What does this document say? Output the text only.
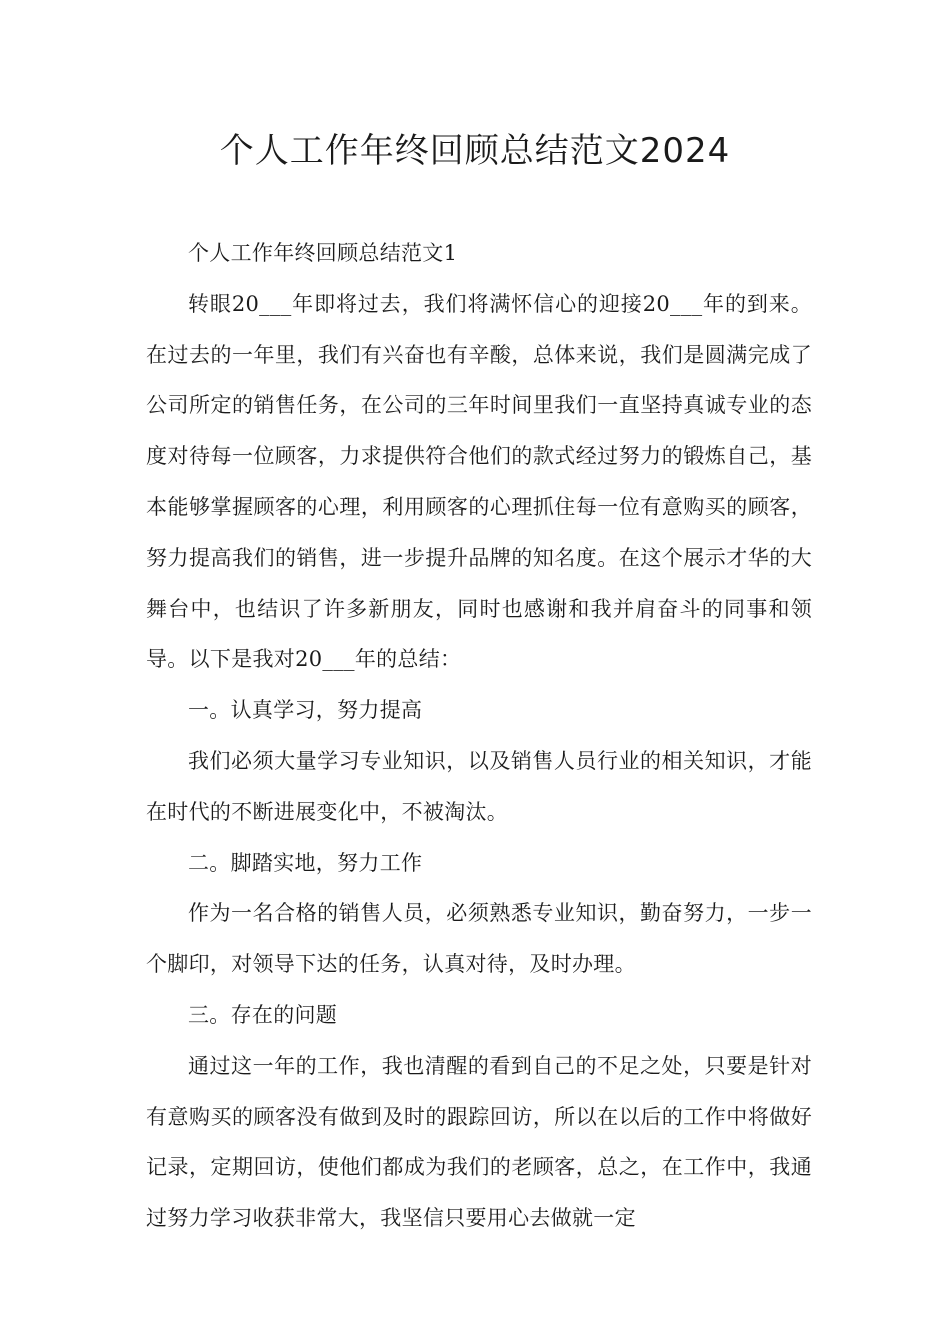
个人工作年终回顾总结范文2024

个人工作年终回顾总结范文1

转眼20___年即将过去，我们将满怀信心的迎接20___年的到来。在过去的一年里，我们有兴奋也有辛酸，总体来说，我们是圆满完成了公司所定的销售任务，在公司的三年时间里我们一直坚持真诚专业的态度对待每一位顾客，力求提供符合他们的款式经过努力的锻炼自己，基本能够掌握顾客的心理，利用顾客的心理抓住每一位有意购买的顾客，努力提高我们的销售，进一步提升品牌的知名度。在这个展示才华的大舞台中，也结识了许多新朋友，同时也感谢和我并肩奋斗的同事和领导。以下是我对20___年的总结：

一。认真学习，努力提高

我们必须大量学习专业知识，以及销售人员行业的相关知识，才能在时代的不断进展变化中，不被淘汰。

二。脚踏实地，努力工作

作为一名合格的销售人员，必须熟悉专业知识，勤奋努力，一步一个脚印，对领导下达的任务，认真对待，及时办理。

三。存在的问题

通过这一年的工作，我也清醒的看到自己的不足之处，只要是针对有意购买的顾客没有做到及时的跟踪回访，所以在以后的工作中将做好记录，定期回访，使他们都成为我们的老顾客，总之，在工作中，我通过努力学习收获非常大，我坚信只要用心去做就一定
